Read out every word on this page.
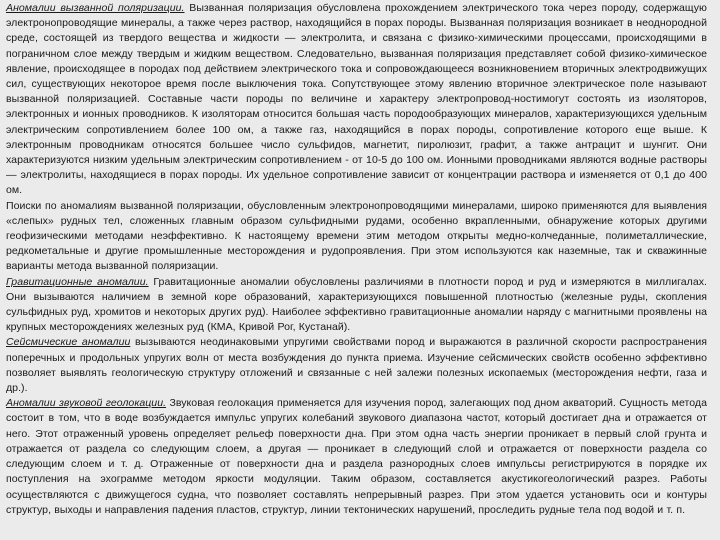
Аномалии вызванной поляризации. Вызванная поляризация обусловлена прохождением электрического тока через породу, содержащую электронопроводящие минералы, а также через раствор, находящийся в порах породы. Вызванная поляризация возникает в неоднородной среде, состоящей из твердого вещества и жидкости — электролита, и связана с физико-химическими процессами, происходящими в пограничном слое между твердым и жидким веществом. Следовательно, вызванная поляризация представляет собой физико-химическое явление, происходящее в породах под действием электрического тока и сопровождающееся возникновением вторичных электродвижущих сил, существующих некоторое время после выключения тока. Сопутствующее этому явлению вторичное электрическое поле называют вызванной поляризацией. Составные части породы по величине и характеру электропровод-ностимогут состоять из изоляторов, электронных и ионных проводников. К изоляторам относится большая часть породообразующих минералов, характеризующихся удельным электрическим сопротивлением более 100 ом, а также газ, находящийся в порах породы, сопротивление которого еще выше. К электронным проводникам относятся большее число сульфидов, магнетит, пиролюзит, графит, а также антрацит и шунгит. Они характеризуются низким удельным электрическим сопротивлением - от 10-5 до 100 ом. Ионными проводниками являются водные растворы — электролиты, находящиеся в порах породы. Их удельное сопротивление зависит от концентрации раствора и изменяется от 0,1 до 400 ом.

Поиски по аномалиям вызванной поляризации, обусловленным электронопроводящими минералами, широко применяются для выявления «слепых» рудных тел, сложенных главным образом сульфидными рудами, особенно вкрапленными, обнаружение которых другими геофизическими методами неэффективно. К настоящему времени этим методом открыты медно-колчеданные, полиметаллические, редкометальные и другие промышленные месторождения и рудопроявления. При этом используются как наземные, так и скважинные варианты метода вызванной поляризации.

Гравитационные аномалии. Гравитационные аномалии обусловлены различиями в плотности пород и руд и измеряются в миллигалах. Они вызываются наличием в земной коре образований, характеризующихся повышенной плотностью (железные руды, скопления сульфидных руд, хромитов и некоторых других руд). Наиболее эффективно гравитационные аномалии наряду с магнитными проявлены на крупных месторождениях железных руд (КМА, Кривой Рог, Кустанай).

Сейсмические аномалии вызываются неодинаковыми упругими свойствами пород и выражаются в различной скорости распространения поперечных и продольных упругих волн от места возбуждения до пункта приема. Изучение сейсмических свойств особенно эффективно позволяет выявлять геологическую структуру отложений и связанные с ней залежи полезных ископаемых (месторождения нефти, газа и др.).

Аномалии звуковой геолокации. Звуковая геолокация применяется для изучения пород, залегающих под дном акваторий. Сущность метода состоит в том, что в воде возбуждается импульс упругих колебаний звукового диапазона частот, который достигает дна и отражается от него. Этот отраженный уровень определяет рельеф поверхности дна. При этом одна часть энергии проникает в первый слой грунта и отражается от раздела со следующим слоем, а другая — проникает в следующий слой и отражается от поверхности раздела со следующим слоем и т. д. Отраженные от поверхности дна и раздела разнородных слоев импульсы регистрируются в порядке их поступления на эхограмме методом яркости модуляции. Таким образом, составляется акустикогеологический разрез. Работы осуществляются с движущегося судна, что позволяет составлять непрерывный разрез. При этом удается установить оси и контуры структур, выходы и направления падения пластов, структур, линии тектонических нарушений, проследить рудные тела под водой и т. п.
